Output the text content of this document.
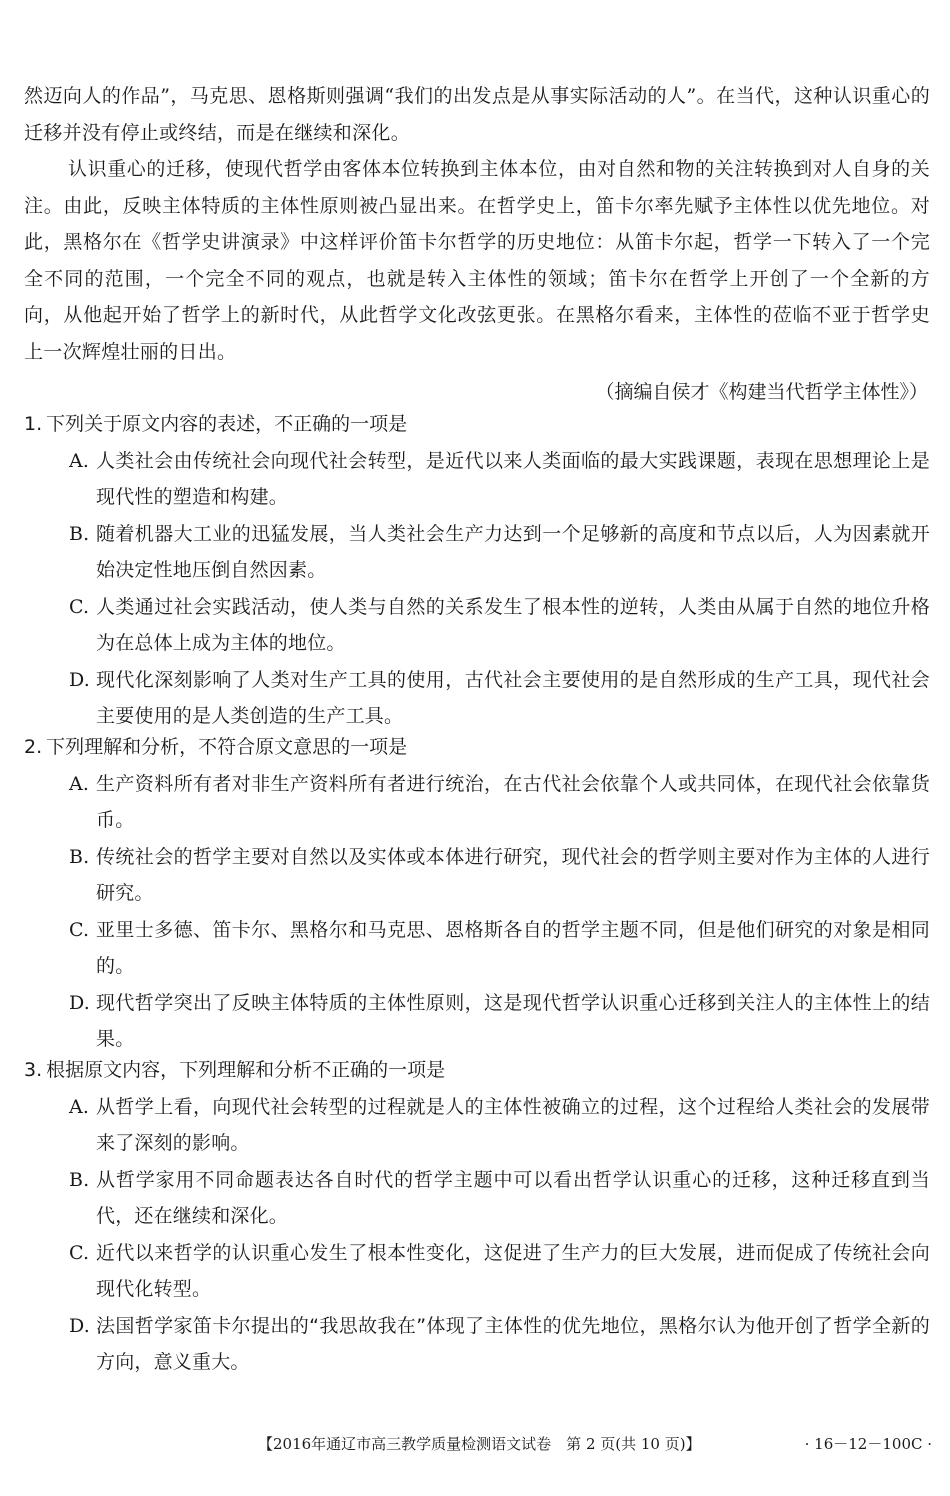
然迈向人的作品”，马克思、恩格斯则强调“我们的出发点是从事实际活动的人”。在当代，这种认识重心的迁移并没有停止或终结，而是在继续和深化。
认识重心的迁移，使现代哲学由客体本位转换到主体本位，由对自然和物的关注转换到对人自身的关注。由此，反映主体特质的主体性原则被凸显出来。在哲学史上，笛卡尔率先赋予主体性以优先地位。对此，黑格尔在《哲学史讲演录》中这样评价笛卡尔哲学的历史地位：从笛卡尔起，哲学一下转入了一个完全不同的范围，一个完全不同的观点，也就是转入主体性的领域；笛卡尔在哲学上开创了一个全新的方向，从他起开始了哲学上的新时代，从此哲学文化改弦更张。在黑格尔看来，主体性的莅临不亚于哲学史上一次辉煌壮丽的日出。
（摘编自侯才《构建当代哲学主体性》）
1. 下列关于原文内容的表述，不正确的一项是
A. 人类社会由传统社会向现代社会转型，是近代以来人类面临的最大实践课题，表现在思想理论上是现代性的塑造和构建。
B. 随着机器大工业的迅猛发展，当人类社会生产力达到一个足够新的高度和节点以后，人为因素就开始决定性地压倒自然因素。
C. 人类通过社会实践活动，使人类与自然的关系发生了根本性的逆转，人类由从属于自然的地位升格为在总体上成为主体的地位。
D. 现代化深刻影响了人类对生产工具的使用，古代社会主要使用的是自然形成的生产工具，现代社会主要使用的是人类创造的生产工具。
2. 下列理解和分析，不符合原文意思的一项是
A. 生产资料所有者对非生产资料所有者进行统治，在古代社会依靠个人或共同体，在现代社会依靠货币。
B. 传统社会的哲学主要对自然以及实体或本体进行研究，现代社会的哲学则主要对作为主体的人进行研究。
C. 亚里士多德、笛卡尔、黑格尔和马克思、恩格斯各自的哲学主题不同，但是他们研究的对象是相同的。
D. 现代哲学突出了反映主体特质的主体性原则，这是现代哲学认识重心迁移到关注人的主体性上的结果。
3. 根据原文内容，下列理解和分析不正确的一项是
A. 从哲学上看，向现代社会转型的过程就是人的主体性被确立的过程，这个过程给人类社会的发展带来了深刻的影响。
B. 从哲学家用不同命题表达各自时代的哲学主题中可以看出哲学认识重心的迁移，这种迁移直到当代，还在继续和深化。
C. 近代以来哲学的认识重心发生了根本性变化，这促进了生产力的巨大发展，进而促成了传统社会向现代化转型。
D. 法国哲学家笛卡尔提出的“我思故我在”体现了主体性的优先地位，黑格尔认为他开创了哲学全新的方向，意义重大。
【2016年通辽市高三教学质量检测语文试卷　第 2 页(共 10 页)】	· 16－12－100C ·
